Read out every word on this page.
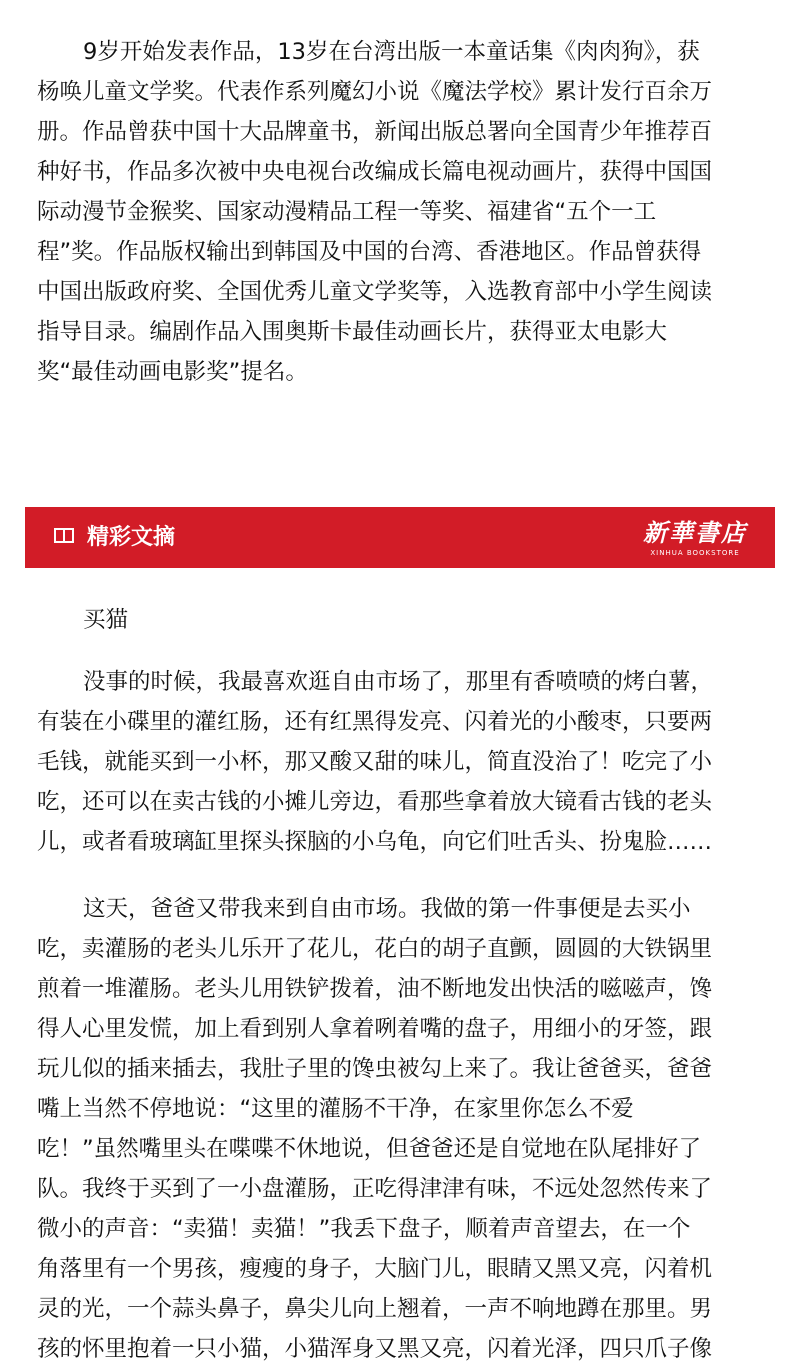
9岁开始发表作品，13岁在台湾出版一本童话集《肉肉狗》，获
杨唤儿童文学奖。代表作系列魔幻小说《魔法学校》累计发行百余万
册。作品曾获中国十大品牌童书，新闻出版总署向全国青少年推荐百
种好书，作品多次被中央电视台改编成长篇电视动画片，获得中国国
际动漫节金猴奖、国家动漫精品工程一等奖、福建省“五个一工
程”奖。作品版权输出到韩国及中国的台湾、香港地区。作品曾获得
中国出版政府奖、全国优秀儿童文学奖等，入选教育部中小学生阅读
指导目录。编剧作品入围奥斯卡最佳动画长片，获得亚太电影大
奖“最佳动画电影奖”提名。
精彩文摘	新華書店
XINHUA BOOKSTORE
买猫
没事的时候，我最喜欢逛自由市场了，那里有香喷喷的烤白薯，
有装在小碟里的灌红肠，还有红黑得发亮、闪着光的小酸枣，只要两
毛钱，就能买到一小杯，那又酸又甜的味儿，简直没治了！吃完了小
吃，还可以在卖古钱的小摊儿旁边，看那些拿着放大镜看古钱的老头
儿，或者看玻璃缸里探头探脑的小乌龟，向它们吐舌头、扮鬼脸……
这天，爸爸又带我来到自由市场。我做的第一件事便是去买小
吃，卖灌肠的老头儿乐开了花儿，花白的胡子直颤，圆圆的大铁锅里
煎着一堆灌肠。老头儿用铁铲拨着，油不断地发出快活的嗞嗞声，馋
得人心里发慌，加上看到别人拿着咧着嘴的盘子，用细小的牙签，跟
玩儿似的插来插去，我肚子里的馋虫被勾上来了。我让爸爸买，爸爸
嘴上当然不停地说：“这里的灌肠不干净，在家里你怎么不爱
吃！”虽然嘴里头在喋喋不休地说，但爸爸还是自觉地在队尾排好了
队。我终于买到了一小盘灌肠，正吃得津津有味，不远处忽然传来了
微小的声音：“卖猫！卖猫！”我丢下盘子，顺着声音望去，在一个
角落里有一个男孩，瘦瘦的身子，大脑门儿，眼睛又黑又亮，闪着机
灵的光，一个蒜头鼻子，鼻尖儿向上翘着，一声不响地蹲在那里。男
孩的怀里抱着一只小猫，小猫浑身又黑又亮，闪着光泽，四只爪子像
